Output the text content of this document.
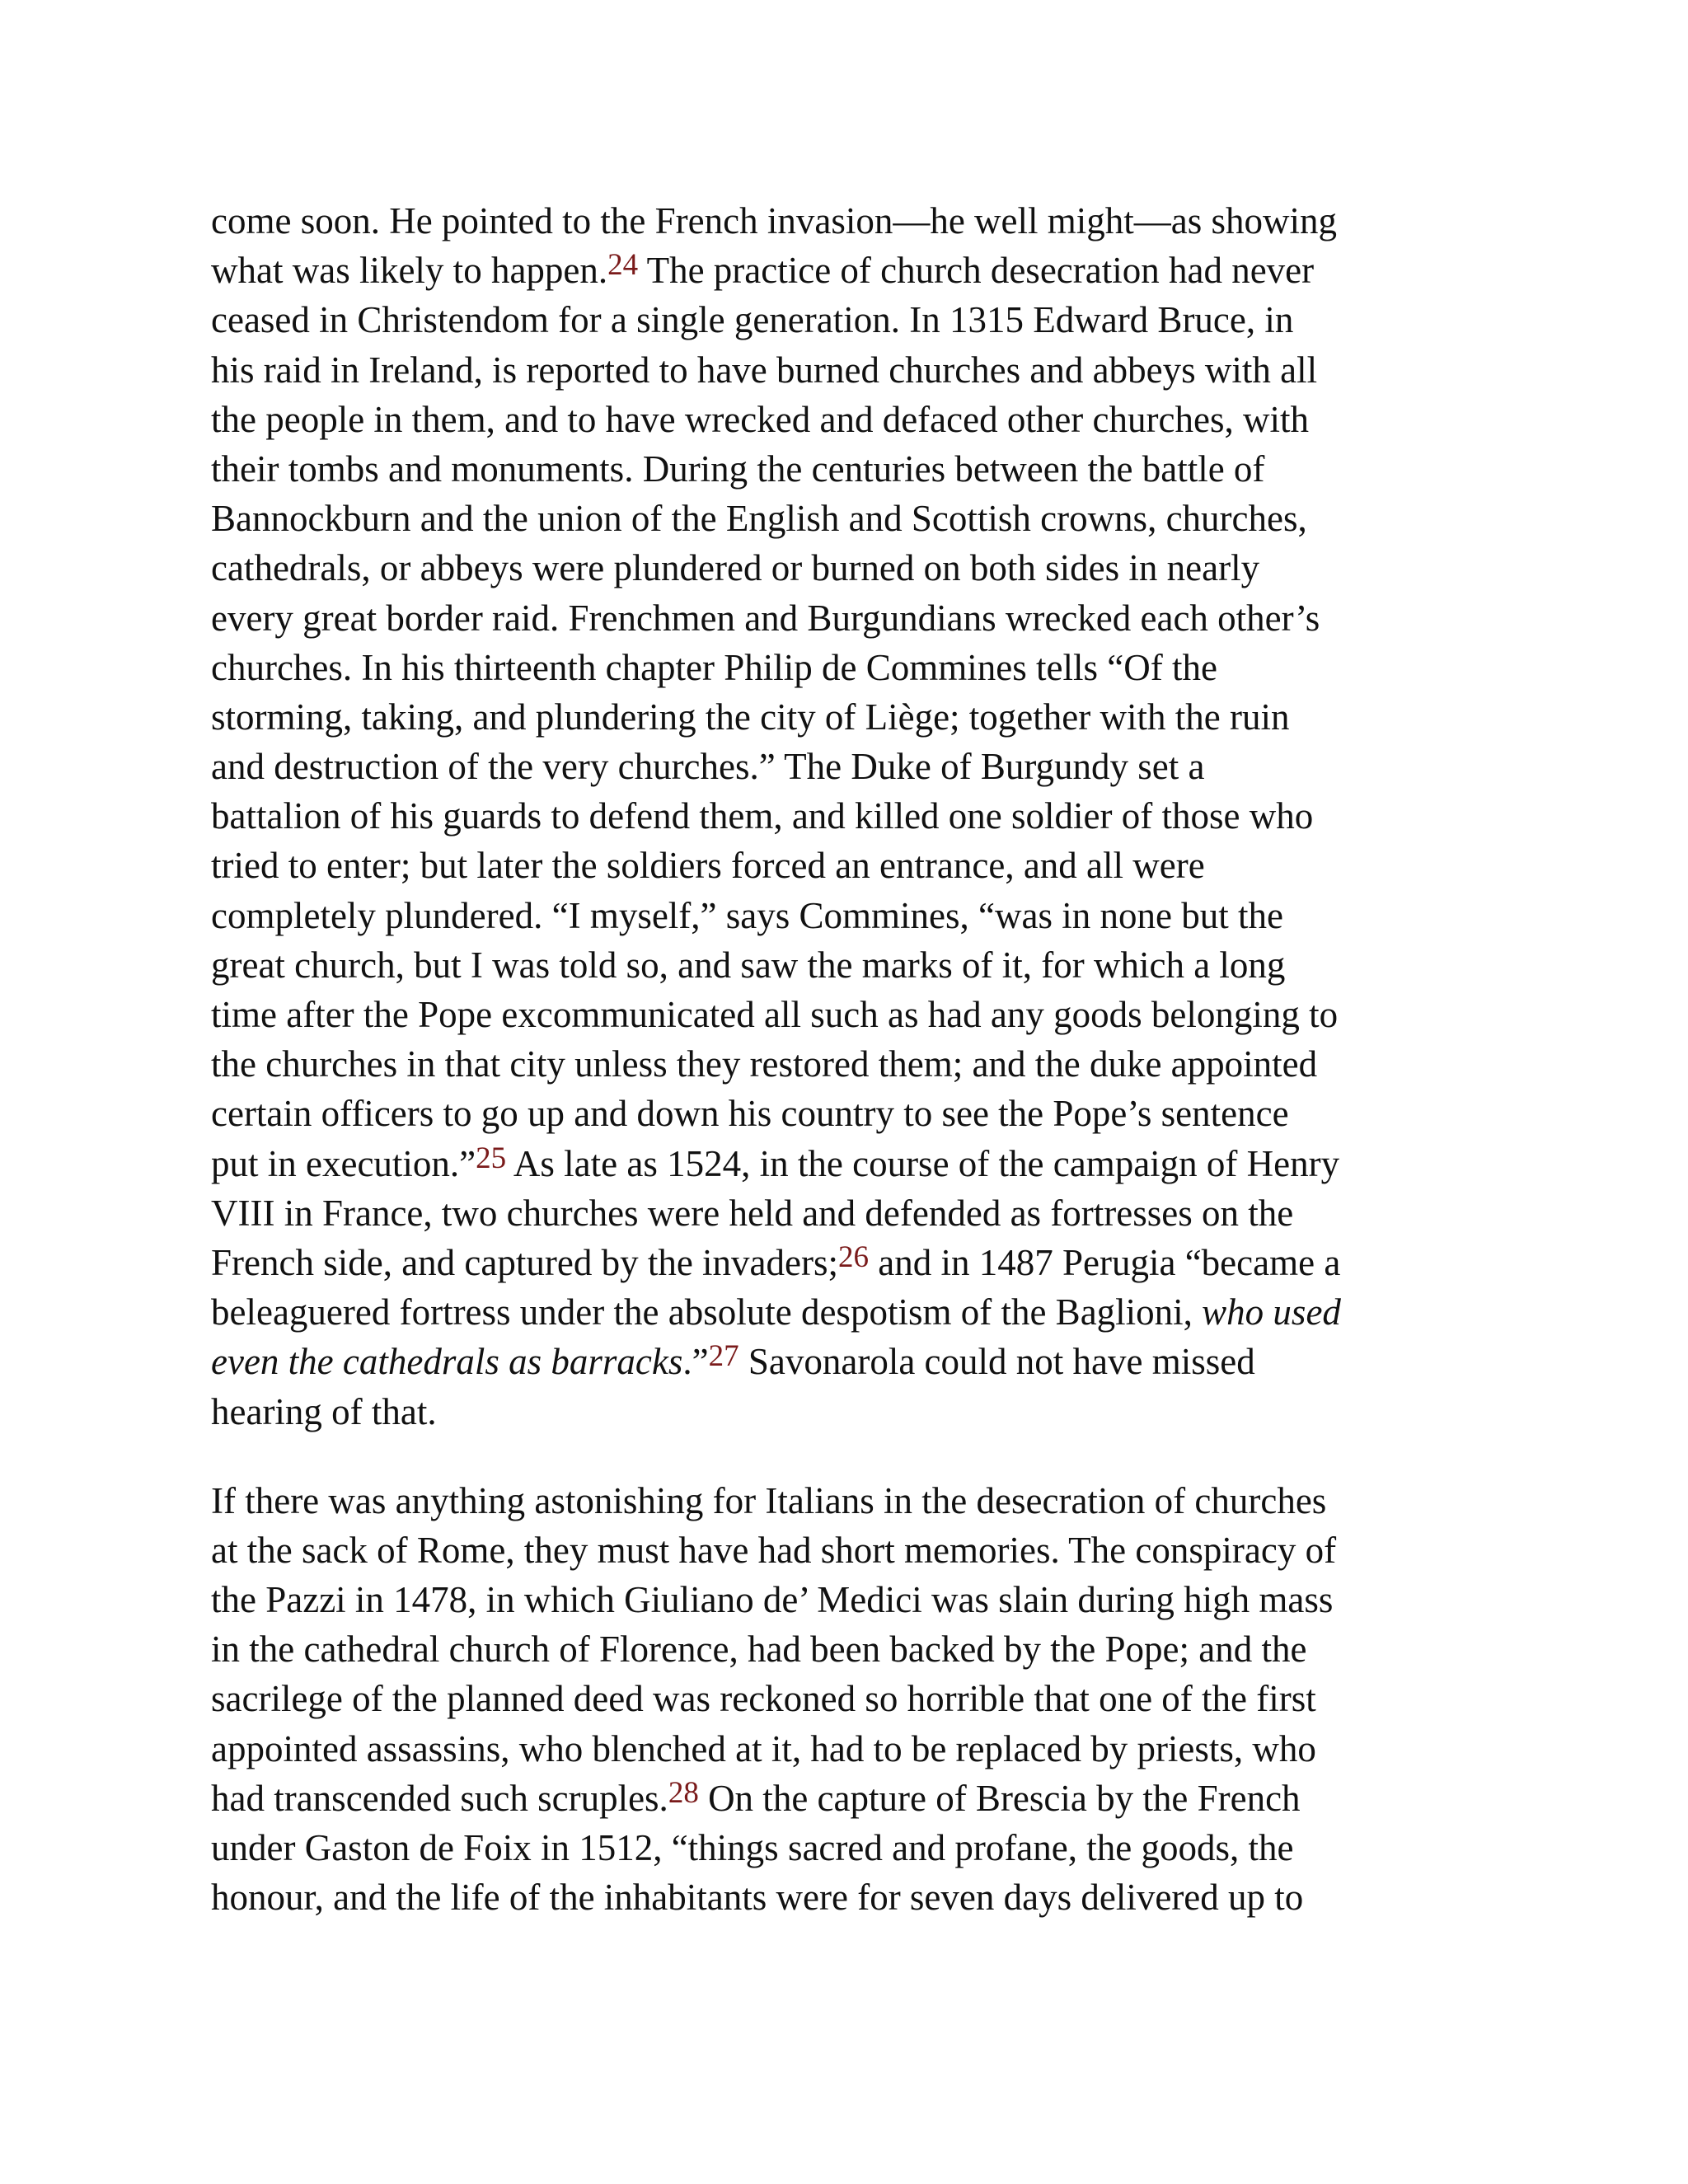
come soon. He pointed to the French invasion—he well might—as showing
what was likely to happen.$^{24}$ The practice of church desecration had never
ceased in Christendom for a single generation. In 1315 Edward Bruce, in
his raid in Ireland, is reported to have burned churches and abbeys with all
the people in them, and to have wrecked and defaced other churches, with
their tombs and monuments. During the centuries between the battle of
Bannockburn and the union of the English and Scottish crowns, churches,
cathedrals, or abbeys were plundered or burned on both sides in nearly
every great border raid. Frenchmen and Burgundians wrecked each other’s
churches. In his thirteenth chapter Philip de Commines tells “Of the
storming, taking, and plundering the city of Liège; together with the ruin
and destruction of the very churches.” The Duke of Burgundy set a
battalion of his guards to defend them, and killed one soldier of those who
tried to enter; but later the soldiers forced an entrance, and all were
completely plundered. “I myself,” says Commines, “was in none but the
great church, but I was told so, and saw the marks of it, for which a long
time after the Pope excommunicated all such as had any goods belonging to
the churches in that city unless they restored them; and the duke appointed
certain officers to go up and down his country to see the Pope’s sentence
put in execution.”$^{25}$ As late as 1524, in the course of the campaign of Henry
VIII in France, two churches were held and defended as fortresses on the
French side, and captured by the invaders;$^{26}$ and in 1487 Perugia “became a
beleaguered fortress under the absolute despotism of the Baglioni, who used
even the cathedrals as barracks.”$^{27}$ Savonarola could not have missed
hearing of that.
If there was anything astonishing for Italians in the desecration of churches
at the sack of Rome, they must have had short memories. The conspiracy of
the Pazzi in 1478, in which Giuliano de’ Medici was slain during high mass
in the cathedral church of Florence, had been backed by the Pope; and the
sacrilege of the planned deed was reckoned so horrible that one of the first
appointed assassins, who blenched at it, had to be replaced by priests, who
had transcended such scruples.$^{28}$ On the capture of Brescia by the French
under Gaston de Foix in 1512, “things sacred and profane, the goods, the
honour, and the life of the inhabitants were for seven days delivered up to
